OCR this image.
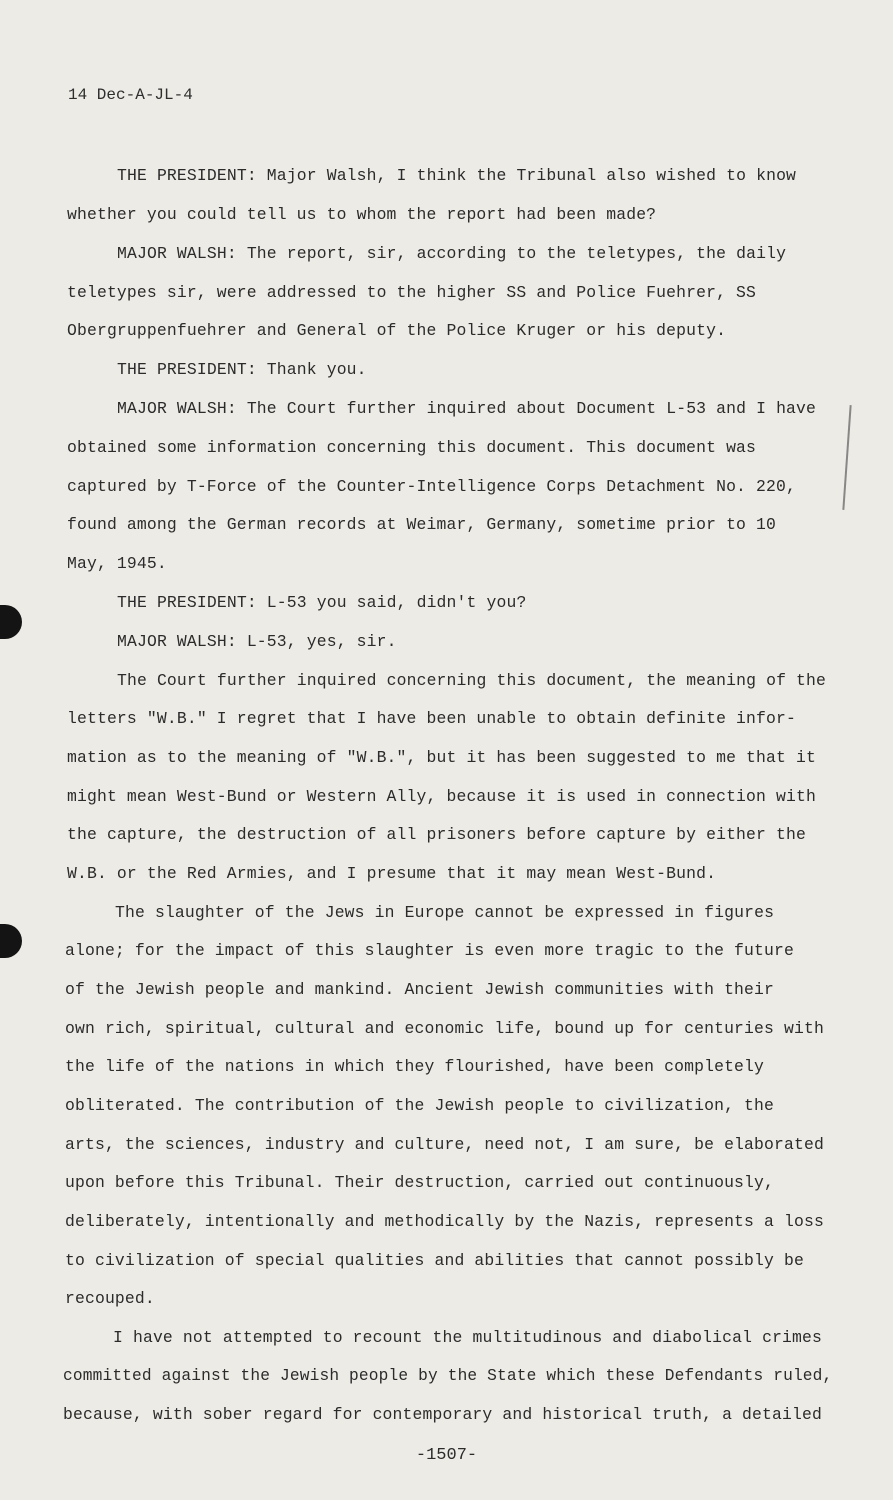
14 Dec-A-JL-4
THE PRESIDENT: Major Walsh, I think the Tribunal also wished to know
whether you could tell us to whom the report had been made?
MAJOR WALSH: The report, sir, according to the teletypes, the daily
teletypes sir, were addressed to the higher SS and Police Fuehrer, SS
Obergruppenfuehrer and General of the Police Kruger or his deputy.
THE PRESIDENT: Thank you.
MAJOR WALSH: The Court further inquired about Document L-53 and I have
obtained some information concerning this document. This document was
captured by T-Force of the Counter-Intelligence Corps Detachment No. 220,
found among the German records at Weimar, Germany, sometime prior to 10
May, 1945.
THE PRESIDENT: L-53 you said, didn't you?
MAJOR WALSH: L-53, yes, sir.
The Court further inquired concerning this document, the meaning of the
letters "W.B." I regret that I have been unable to obtain definite infor-
mation as to the meaning of "W.B.", but it has been suggested to me that it
might mean West-Bund or Western Ally, because it is used in connection with
the capture, the destruction of all prisoners before capture by either the
W.B. or the Red Armies, and I presume that it may mean West-Bund.
The slaughter of the Jews in Europe cannot be expressed in figures
alone; for the impact of this slaughter is even more tragic to the future
of the Jewish people and mankind. Ancient Jewish communities with their
own rich, spiritual, cultural and economic life, bound up for centuries with
the life of the nations in which they flourished, have been completely
obliterated. The contribution of the Jewish people to civilization, the
arts, the sciences, industry and culture, need not, I am sure, be elaborated
upon before this Tribunal. Their destruction, carried out continuously,
deliberately, intentionally and methodically by the Nazis, represents a loss
to civilization of special qualities and abilities that cannot possibly be
recouped.
I have not attempted to recount the multitudinous and diabolical crimes
committed against the Jewish people by the State which these Defendants ruled,
because, with sober regard for contemporary and historical truth, a detailed
-1507-
